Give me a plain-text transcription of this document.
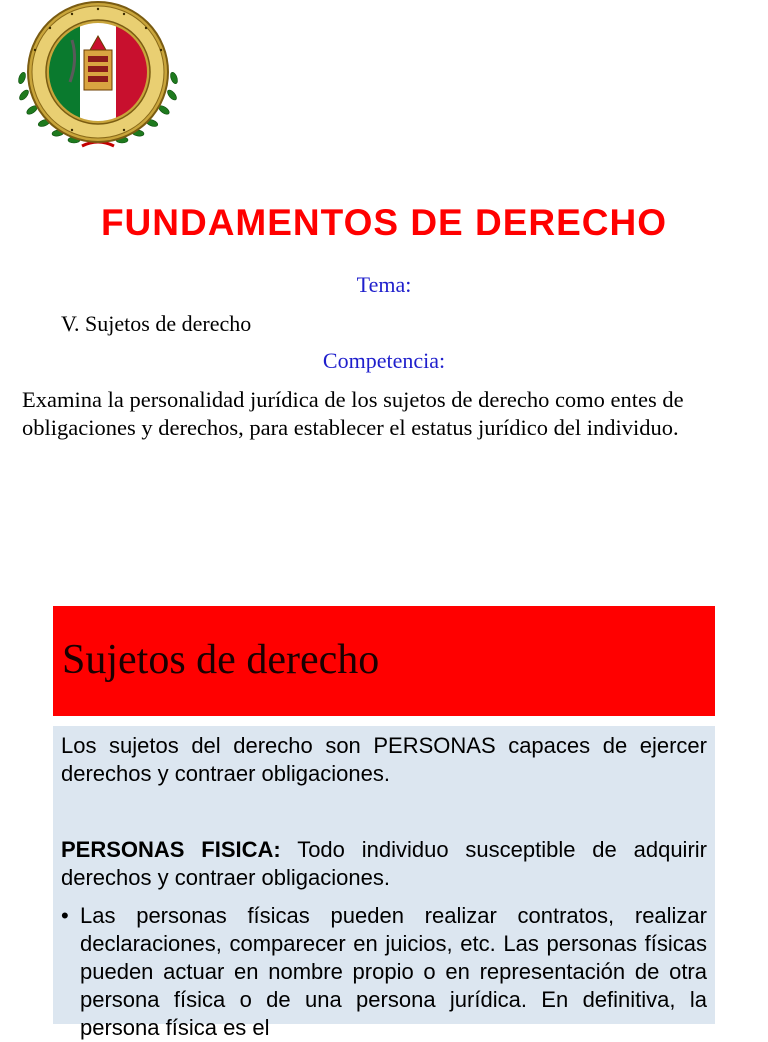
FUNDAMENTOS DE DERECHO
Tema:
V. Sujetos de derecho
Competencia:
Examina la personalidad jurídica de los sujetos de derecho como entes de obligaciones y derechos, para establecer el estatus jurídico del individuo.
Sujetos de derecho

Los sujetos del derecho son PERSONAS capaces de ejercer derechos y contraer obligaciones.

PERSONAS FISICA: Todo individuo susceptible de adquirir derechos y contraer obligaciones.

• Las personas físicas pueden realizar contratos, realizar declaraciones, comparecer en juicios, etc. Las personas físicas pueden actuar en nombre propio o en representación de otra persona física o de una persona jurídica. En definitiva, la persona física es el
